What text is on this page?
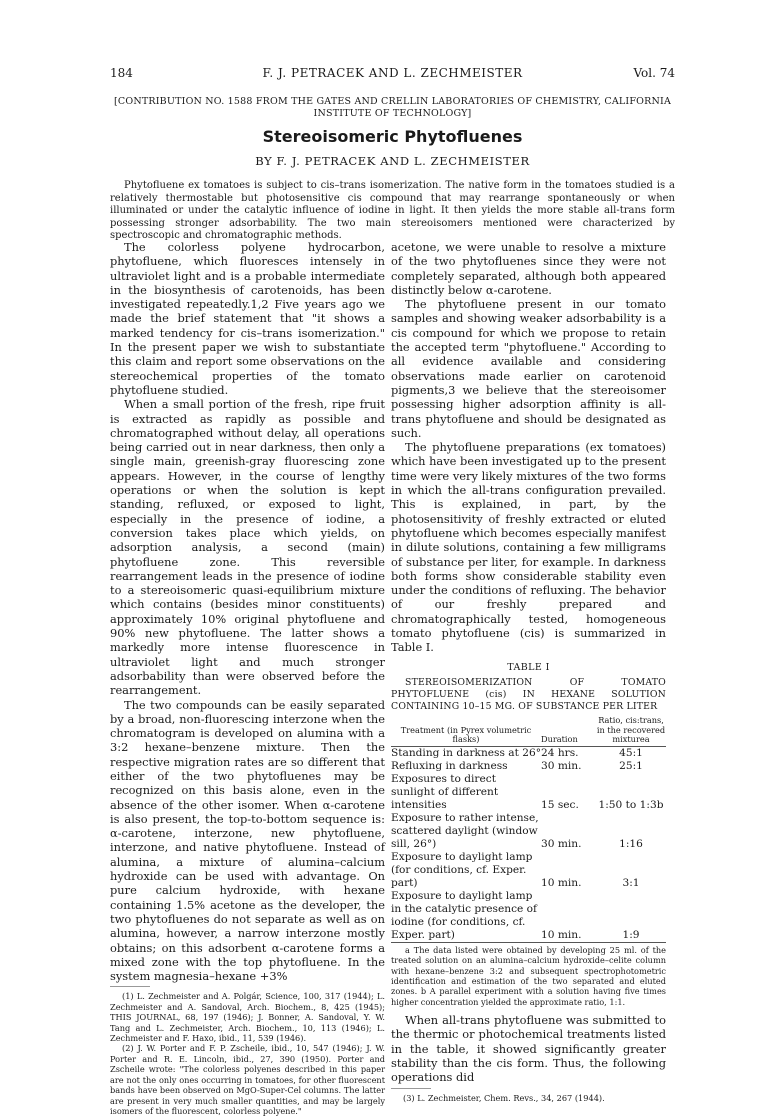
184	F. J. PETRACEK AND L. ZECHMEISTER	Vol. 74
[CONTRIBUTION NO. 1588 FROM THE GATES AND CRELLIN LABORATORIES OF CHEMISTRY, CALIFORNIA INSTITUTE OF TECHNOLOGY]
Stereoisomeric Phytofluenes
BY F. J. PETRACEK AND L. ZECHMEISTER

Phytofluene ex tomatoes is subject to cis–trans isomerization. The native form in the tomatoes studied is a relatively thermostable but photosensitive cis compound that may rearrange spontaneously or when illuminated or under the catalytic influence of iodine in light. It then yields the more stable all-trans form possessing stronger adsorbability. The two main stereoisomers mentioned were characterized by spectroscopic and chromatographic methods.

The colorless polyene hydrocarbon, phytofluene, which fluoresces intensely in ultraviolet light and is a probable intermediate in the biosynthesis of carotenoids, has been investigated repeatedly.1,2 Five years ago we made the brief statement that "it shows a marked tendency for cis–trans isomerization." In the present paper we wish to substantiate this claim and report some observations on the stereochemical properties of the tomato phytofluene studied.

When a small portion of the fresh, ripe fruit is extracted as rapidly as possible and chromatographed without delay, all operations being carried out in near darkness, then only a single main, greenish-gray fluorescing zone appears. However, in the course of lengthy operations or when the solution is kept standing, refluxed, or exposed to light, especially in the presence of iodine, a conversion takes place which yields, on adsorption analysis, a second (main) phytofluene zone. This reversible rearrangement leads in the presence of iodine to a stereoisomeric quasi-equilibrium mixture which contains (besides minor constituents) approximately 10% original phytofluene and 90% new phytofluene. The latter shows a markedly more intense fluorescence in ultraviolet light and much stronger adsorbability than were observed before the rearrangement.

The two compounds can be easily separated by a broad, non-fluorescing interzone when the chromatogram is developed on alumina with a 3:2 hexane–benzene mixture. Then the respective migration rates are so different that either of the two phytofluenes may be recognized on this basis alone, even in the absence of the other isomer. When α-carotene is also present, the top-to-bottom sequence is: α-carotene, interzone, new phytofluene, interzone, and native phytofluene. Instead of alumina, a mixture of alumina–calcium hydroxide can be used with advantage. On pure calcium hydroxide, with hexane containing 1.5% acetone as the developer, the two phytofluenes do not separate as well as on alumina, however, a narrow interzone mostly obtains; on this adsorbent α-carotene forms a mixed zone with the top phytofluene. In the system magnesia–hexane +3%

(1) L. Zechmeister and A. Polgár, Science, 100, 317 (1944); L. Zechmeister and A. Sandoval, Arch. Biochem., 8, 425 (1945); THIS JOURNAL, 68, 197 (1946); J. Bonner, A. Sandoval, Y. W. Tang and L. Zechmeister, Arch. Biochem., 10, 113 (1946); L. Zechmeister and F. Haxo, ibid., 11, 539 (1946).

(2) J. W. Porter and F. P. Zscheile, ibid., 10, 547 (1946); J. W. Porter and R. E. Lincoln, ibid., 27, 390 (1950). Porter and Zscheile wrote: "The colorless polyenes described in this paper are not the only ones occurring in tomatoes, for other fluorescent bands have been observed on MgO-Super-Cel columns. The latter are present in very much smaller quantities, and may be largely isomers of the fluorescent, colorless polyene."

acetone, we were unable to resolve a mixture of the two phytofluenes since they were not completely separated, although both appeared distinctly below α-carotene.

The phytofluene present in our tomato samples and showing weaker adsorbability is a cis compound for which we propose to retain the accepted term "phytofluene." According to all evidence available and considering observations made earlier on carotenoid pigments,3 we believe that the stereoisomer possessing higher adsorption affinity is all-trans phytofluene and should be designated as such.

The phytofluene preparations (ex tomatoes) which have been investigated up to the present time were very likely mixtures of the two forms in which the all-trans configuration prevailed. This is explained, in part, by the photosensitivity of freshly extracted or eluted phytofluene which becomes especially manifest in dilute solutions, containing a few milligrams of substance per liter, for example. In darkness both forms show considerable stability even under the conditions of refluxing. The behavior of our freshly prepared and chromatographically tested, homogeneous tomato phytofluene (cis) is summarized in Table I.

TABLE I

STEREOISOMERIZATION OF TOMATO PHYTOFLUENE (cis) IN HEXANE SOLUTION CONTAINING 10–15 MG. OF SUBSTANCE PER LITER

Treatment (in Pyrex volumetric flasks)	Duration	Ratio, cis:trans, in the recovered mixturea
Standing in darkness at 26°	24 hrs.	45:1
Refluxing in darkness	30 min.	25:1
Exposures to direct sunlight of different intensities	15 sec.	1:50 to 1:3b
Exposure to rather intense, scattered daylight (window sill, 26°)	30 min.	1:16
Exposure to daylight lamp (for conditions, cf. Exper. part)	10 min.	3:1
Exposure to daylight lamp in the catalytic presence of iodine (for conditions, cf. Exper. part)	10 min.	1:9

a The data listed were obtained by developing 25 ml. of the treated solution on an alumina–calcium hydroxide–celite column with hexane–benzene 3:2 and subsequent spectrophotometric identification and estimation of the two separated and eluted zones. b A parallel experiment with a solution having five times higher concentration yielded the approximate ratio, 1:1.

When all-trans phytofluene was submitted to the thermic or photochemical treatments listed in the table, it showed significantly greater stability than the cis form. Thus, the following operations did

(3) L. Zechmeister, Chem. Revs., 34, 267 (1944).
